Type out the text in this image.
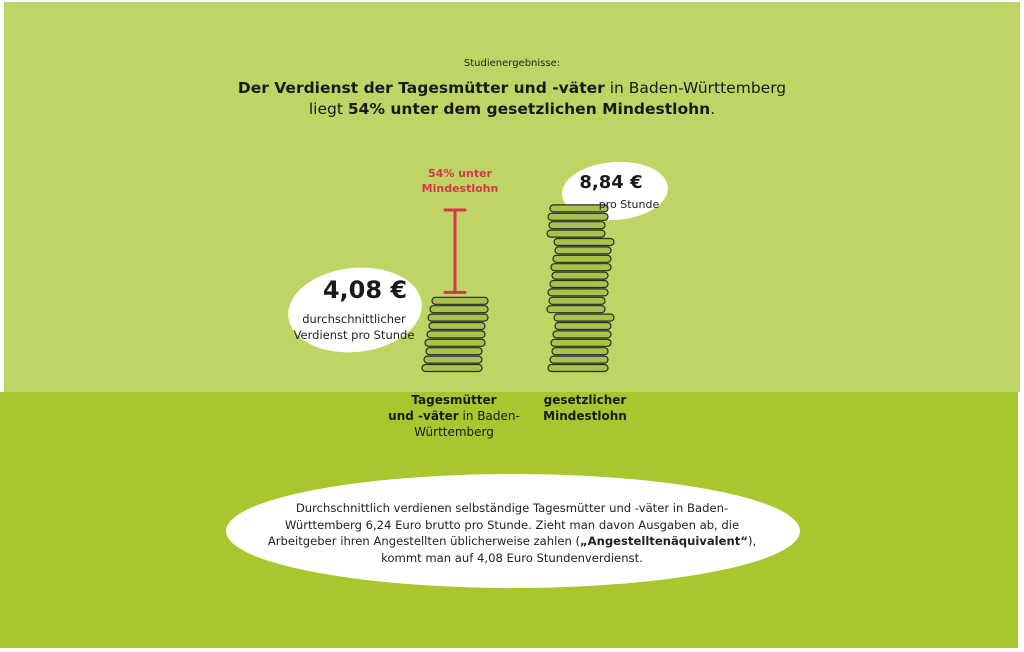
Studienergebnisse:
Der Verdienst der Tagesmütter und -väter in Baden-Württemberg
liegt 54% unter dem gesetzlichen Mindestlohn.
4,08 €
durchschnittlicher
Verdienst pro Stunde
8,84 €
pro Stunde
54% unter
Mindestlohn
Tagesmütter
und -väter in Baden-
Württemberg
gesetzlicher
Mindestlohn
Durchschnittlich verdienen selbständige Tagesmütter und -väter in Baden-
Württemberg 6,24 Euro brutto pro Stunde. Zieht man davon Ausgaben ab, die
Arbeitgeber ihren Angestellten üblicherweise zahlen („Angestelltenäquivalent“),
kommt man auf 4,08 Euro Stundenverdienst.
